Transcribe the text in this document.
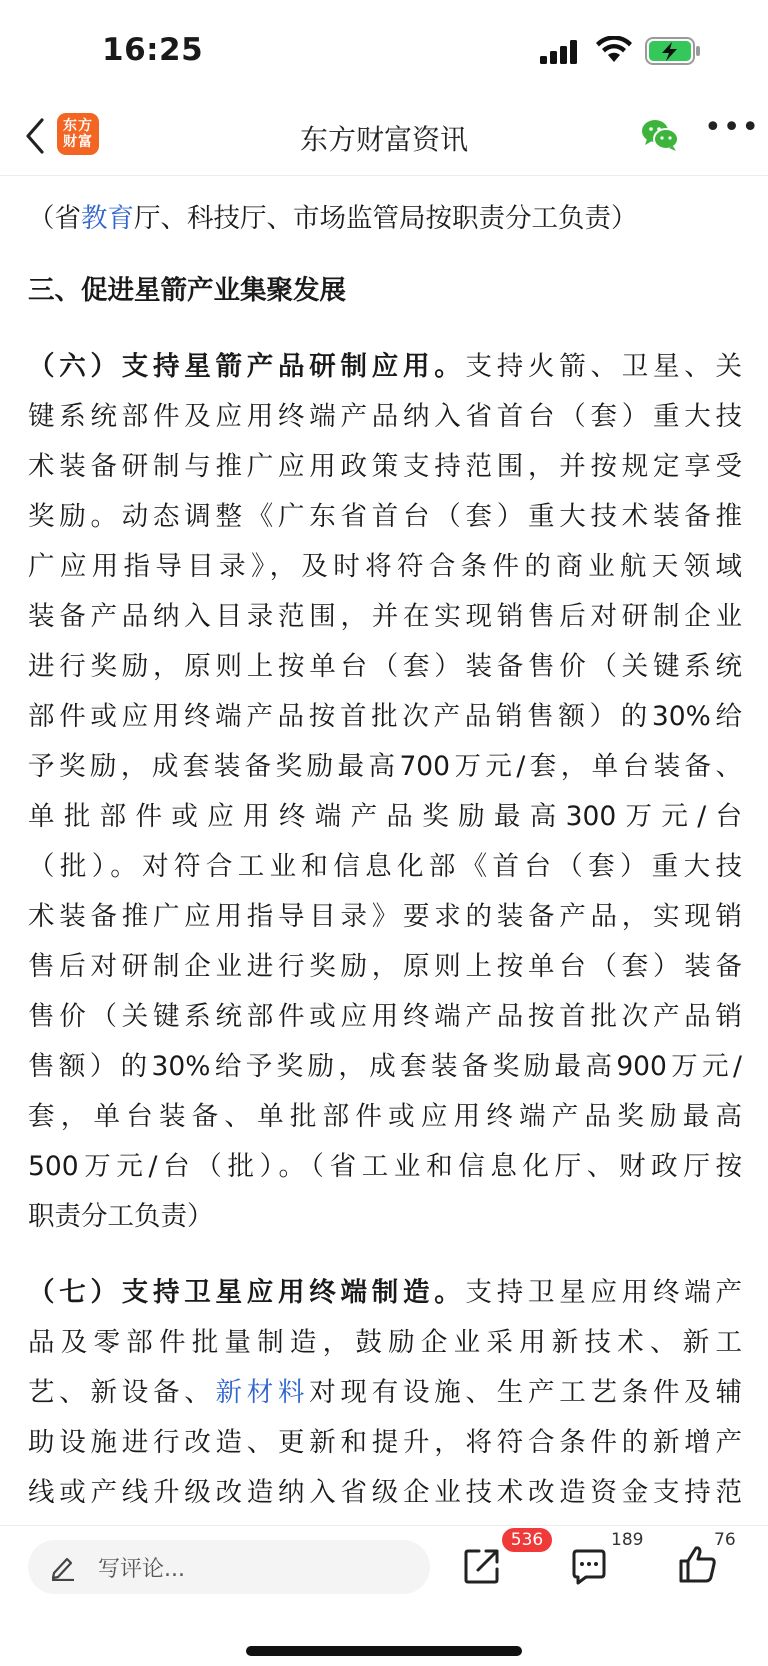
16:25
东方
财富	东方财富资讯	•••
（省教育厅、科技厅、市场监管局按职责分工负责）
三、促进星箭产业集聚发展
（六）支持星箭产品研制应用。支持火箭、卫星、关
键系统部件及应用终端产品纳入省首台（套）重大技
术装备研制与推广应用政策支持范围，并按规定享受
奖励。动态调整《广东省首台（套）重大技术装备推
广应用指导目录》，及时将符合条件的商业航天领域
装备产品纳入目录范围，并在实现销售后对研制企业
进行奖励，原则上按单台（套）装备售价（关键系统
部件或应用终端产品按首批次产品销售额）的30%给
予奖励，成套装备奖励最高700万元/套，单台装备、
单批部件或应用终端产品奖励最高300万元/台
（批）。对符合工业和信息化部《首台（套）重大技
术装备推广应用指导目录》要求的装备产品，实现销
售后对研制企业进行奖励，原则上按单台（套）装备
售价（关键系统部件或应用终端产品按首批次产品销
售额）的30%给予奖励，成套装备奖励最高900万元/
套，单台装备、单批部件或应用终端产品奖励最高
500万元/台（批）。（省工业和信息化厅、财政厅按
职责分工负责）
（七）支持卫星应用终端制造。支持卫星应用终端产
品及零部件批量制造，鼓励企业采用新技术、新工
艺、新设备、新材料对现有设施、生产工艺条件及辅
助设施进行改造、更新和提升，将符合条件的新增产
线或产线升级改造纳入省级企业技术改造资金支持范
写评论...
536	189	76
